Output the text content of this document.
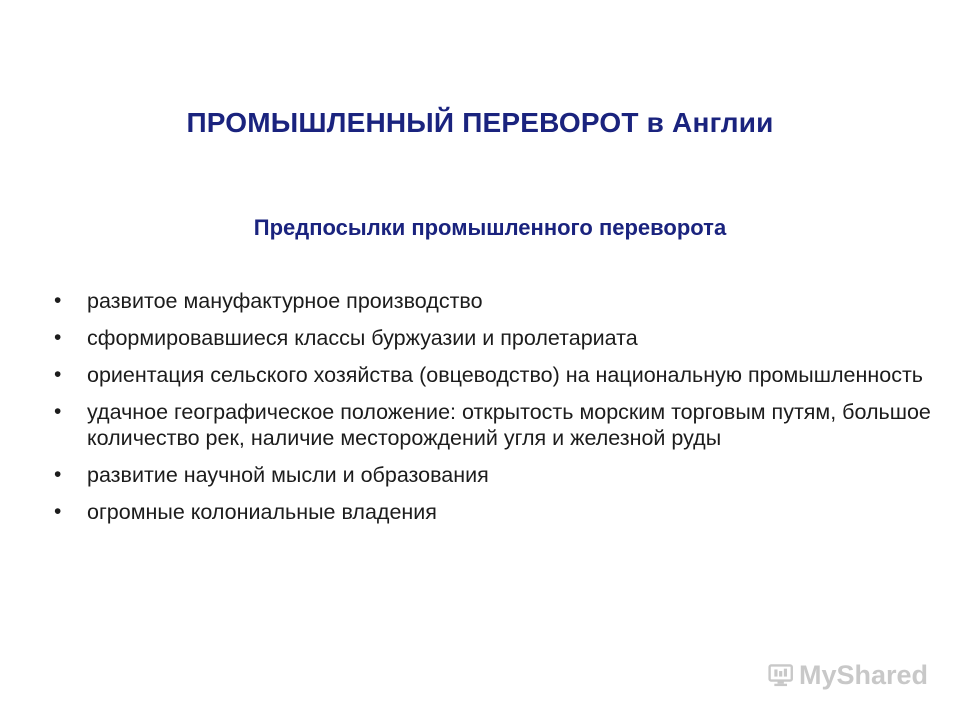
ПРОМЫШЛЕННЫЙ ПЕРЕВОРОТ в Англии
Предпосылки промышленного переворота
• развитое мануфактурное производство
• сформировавшиеся классы буржуазии и пролетариата
• ориентация сельского хозяйства (овцеводство) на национальную промышленность
• удачное географическое положение: открытость морским торговым путям, большое количество рек, наличие месторождений угля и железной руды
• развитие научной мысли и образования
• огромные колониальные владения
MyShared
